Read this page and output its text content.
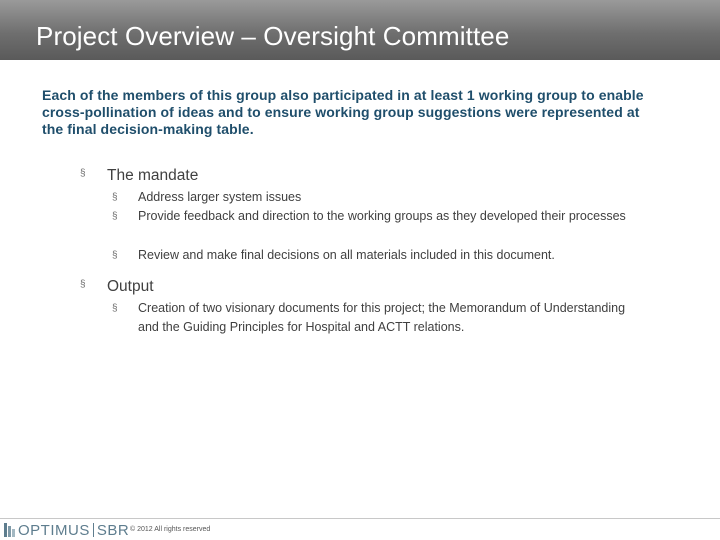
Project Overview – Oversight Committee
Each of the members of this group also participated in at least 1 working group to enable cross-pollination of ideas and to ensure working group suggestions were represented at the final decision-making table.
§ The mandate
§ Address larger system issues
§ Provide feedback and direction to the working groups as they developed their processes
§ Review and make final decisions on all materials included in this document.
§ Output
§ Creation of two visionary documents for this project; the Memorandum of Understanding and the Guiding Principles for Hospital and ACTT relations.
OPTIMUS SBR © 2012 All rights reserved
